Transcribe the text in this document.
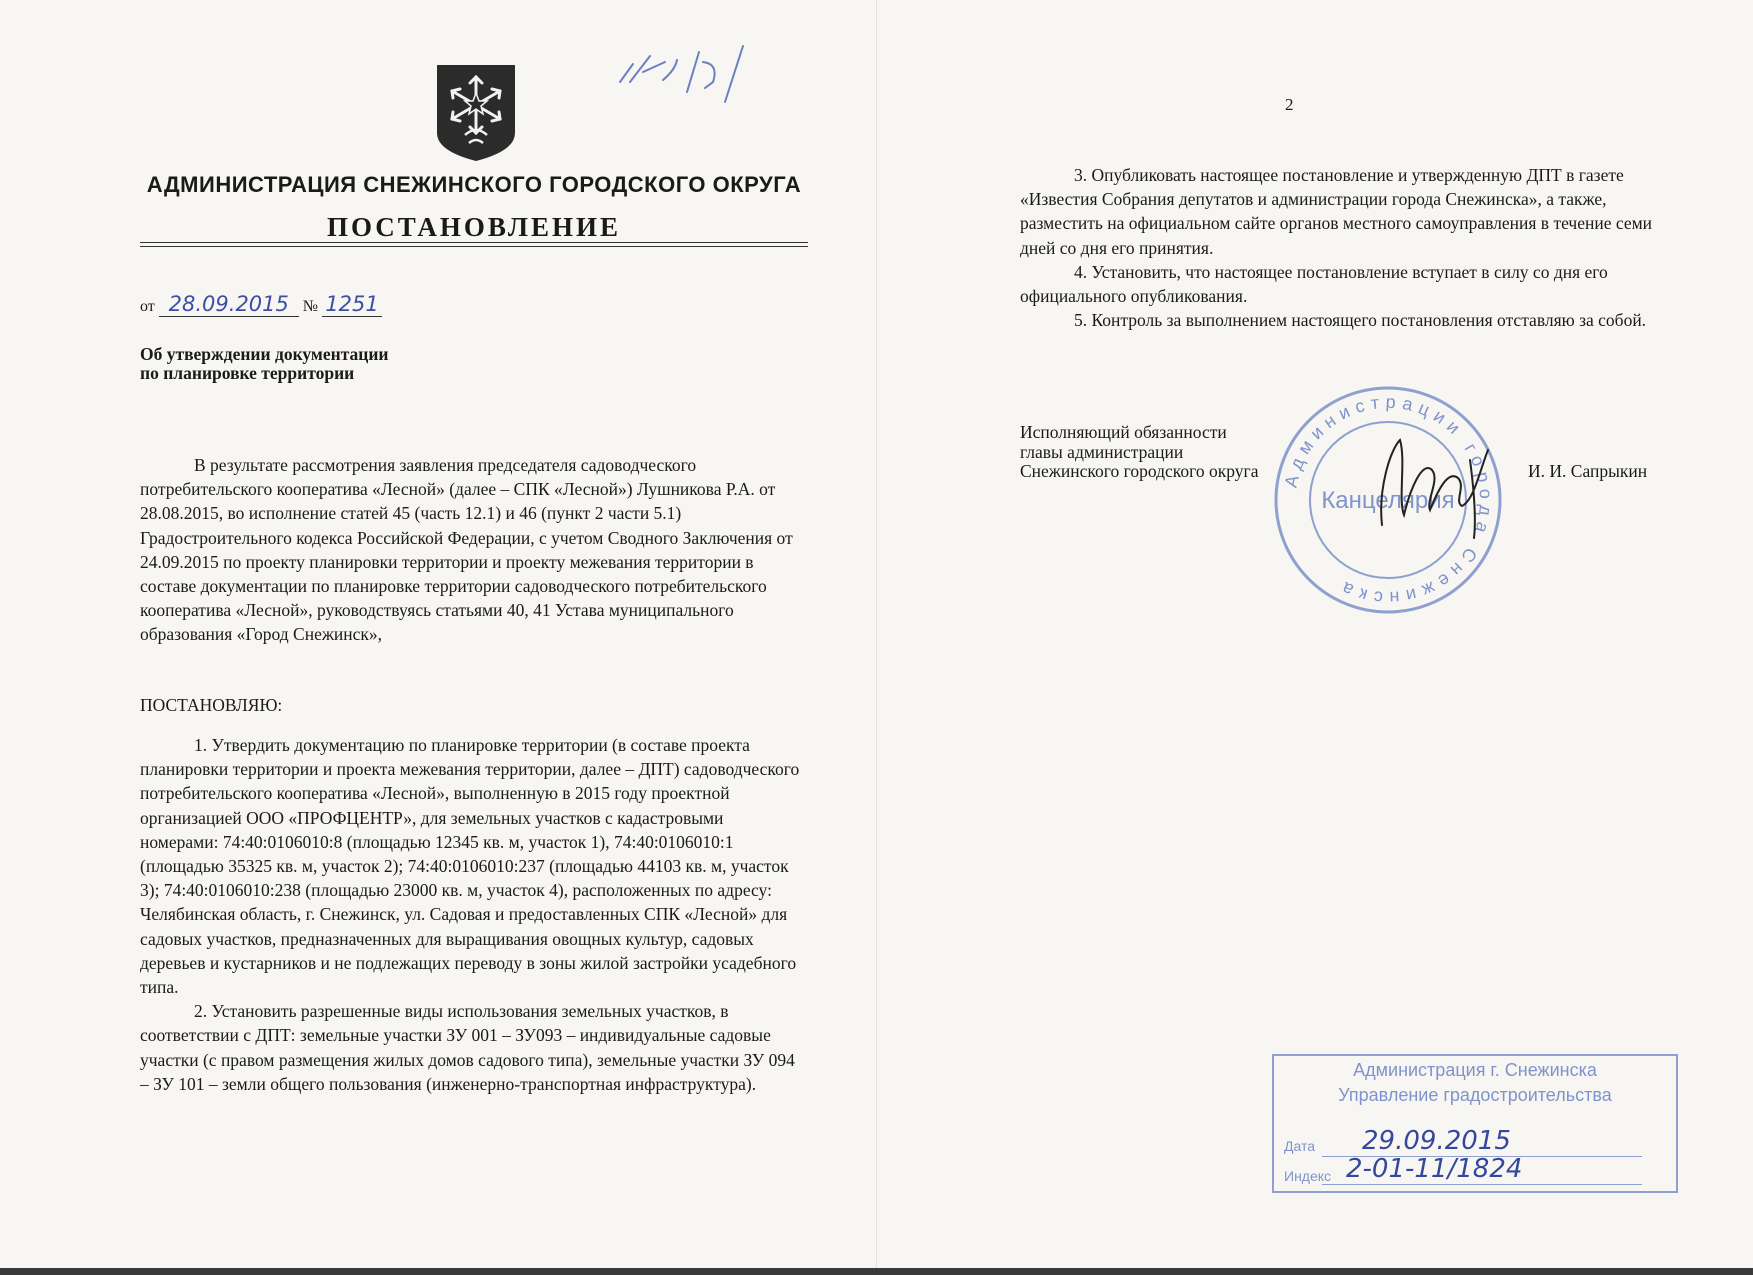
АДМИНИСТРАЦИЯ СНЕЖИНСКОГО ГОРОДСКОГО ОКРУГА
ПОСТАНОВЛЕНИЕ
от 28.09.2015 № 1251
Об утверждении документации
по планировке территории

В результате рассмотрения заявления председателя садоводческого потребительского кооператива «Лесной» (далее – СПК «Лесной») Лушникова Р.А. от 28.08.2015, во исполнение статей 45 (часть 12.1) и 46 (пункт 2 части 5.1) Градостроительного кодекса Российской Федерации, с учетом Сводного Заключения от 24.09.2015 по проекту планировки территории и проекту межевания территории в составе документации по планировке территории садоводческого потребительского кооператива «Лесной», руководствуясь статьями 40, 41 Устава муниципального образования «Город Снежинск»,

ПОСТАНОВЛЯЮ:

1. Утвердить документацию по планировке территории (в составе проекта планировки территории и проекта межевания территории, далее – ДПТ) садоводческого потребительского кооператива «Лесной», выполненную в 2015 году проектной организацией ООО «ПРОФЦЕНТР», для земельных участков с кадастровыми номерами: 74:40:0106010:8 (площадью 12345 кв. м, участок 1), 74:40:0106010:1 (площадью 35325 кв. м, участок 2); 74:40:0106010:237 (площадью 44103 кв. м, участок 3); 74:40:0106010:238 (площадью 23000 кв. м, участок 4), расположенных по адресу: Челябинская область, г. Снежинск, ул. Садовая и предоставленных СПК «Лесной» для садовых участков, предназначенных для выращивания овощных культур, садовых деревьев и кустарников и не подлежащих переводу в зоны жилой застройки усадебного типа.

2. Установить разрешенные виды использования земельных участков, в соответствии с ДПТ: земельные участки ЗУ 001 – ЗУ093 – индивидуальные садовые участки (с правом размещения жилых домов садового типа), земельные участки ЗУ 094 – ЗУ 101 – земли общего пользования (инженерно-транспортная инфраструктура).

2

3. Опубликовать настоящее постановление и утвержденную ДПТ в газете «Известия Собрания депутатов и администрации города Снежинска», а также, разместить на официальном сайте органов местного самоуправления в течение семи дней со дня его принятия.

4. Установить, что настоящее постановление вступает в силу со дня его официального опубликования.

5. Контроль за выполнением настоящего постановления отставляю за собой.

Администрации города Снежинска
Канцелярия
Исполняющий обязанности
главы администрации
Снежинского городского округа	И. И. Сапрыкин
Администрация г. Снежинска
Управление градостроительства
Дата 29.09.2015
Индекс 2-01-11/1824
